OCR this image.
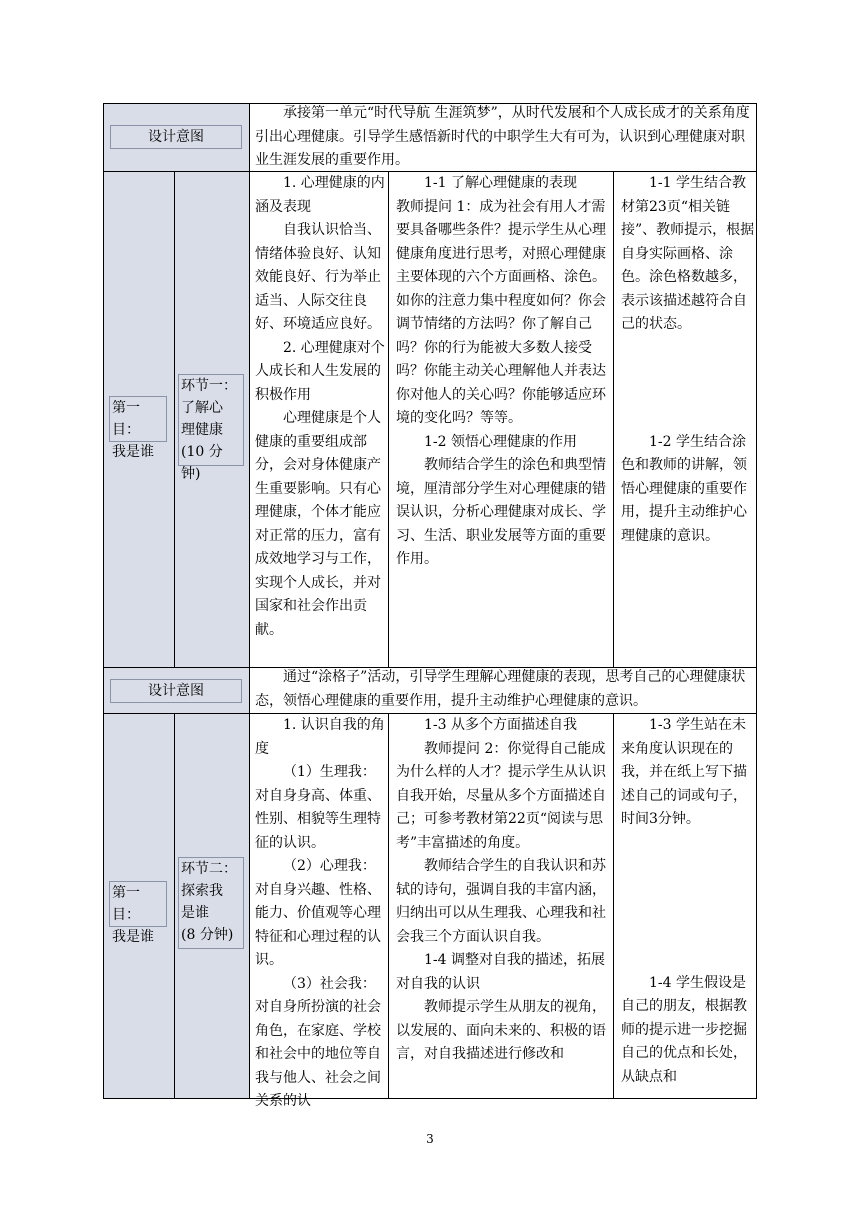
设计意图

承接第一单元“时代导航 生涯筑梦”，从时代发展和个人成长成才的关系角度引出心理健康。引导学生感悟新时代的中职学生大有可为，认识到心理健康对职业生涯发展的重要作用。

第一目：
我是谁
环节一：
了解心
理健康
(10 分钟)

1. 心理健康的内涵及表现

自我认识恰当、情绪体验良好、认知效能良好、行为举止适当、人际交往良好、环境适应良好。

2. 心理健康对个人成长和人生发展的积极作用

心理健康是个人健康的重要组成部分，会对身体健康产生重要影响。只有心理健康，个体才能应对正常的压力，富有成效地学习与工作，实现个人成长，并对国家和社会作出贡献。

1-1 了解心理健康的表现

教师提问 1：成为社会有用人才需要具备哪些条件？提示学生从心理健康角度进行思考，对照心理健康主要体现的六个方面画格、涂色。如你的注意力集中程度如何？你会调节情绪的方法吗？你了解自己吗？你的行为能被大多数人接受吗？你能主动关心理解他人并表达你对他人的关心吗？你能够适应环境的变化吗？等等。

1-2 领悟心理健康的作用

教师结合学生的涂色和典型情境，厘清部分学生对心理健康的错误认识，分析心理健康对成长、学习、生活、职业发展等方面的重要作用。

1-1 学生结合教材第23页“相关链接”、教师提示，根据自身实际画格、涂色。涂色格数越多，表示该描述越符合自己的状态。

1-2 学生结合涂色和教师的讲解，领悟心理健康的重要作用，提升主动维护心理健康的意识。

设计意图

通过“涂格子”活动，引导学生理解心理健康的表现，思考自己的心理健康状态，领悟心理健康的重要作用，提升主动维护心理健康的意识。

第一目：
我是谁
环节二：
探索我
是谁
(8 分钟)

1. 认识自我的角度

（1）生理我：对自身身高、体重、性别、相貌等生理特征的认识。

（2）心理我：对自身兴趣、性格、能力、价值观等心理特征和心理过程的认识。

（3）社会我：对自身所扮演的社会角色，在家庭、学校和社会中的地位等自我与他人、社会之间关系的认

1-3 从多个方面描述自我

教师提问 2：你觉得自己能成为什么样的人才？提示学生从认识自我开始，尽量从多个方面描述自己；可参考教材第22页“阅读与思考”丰富描述的角度。

教师结合学生的自我认识和苏轼的诗句，强调自我的丰富内涵，归纳出可以从生理我、心理我和社会我三个方面认识自我。

1-4 调整对自我的描述，拓展对自我的认识

教师提示学生从朋友的视角，以发展的、面向未来的、积极的语言，对自我描述进行修改和

1-3 学生站在未来角度认识现在的我，并在纸上写下描述自己的词或句子，时间3分钟。

1-4 学生假设是自己的朋友，根据教师的提示进一步挖掘自己的优点和长处，从缺点和

3
